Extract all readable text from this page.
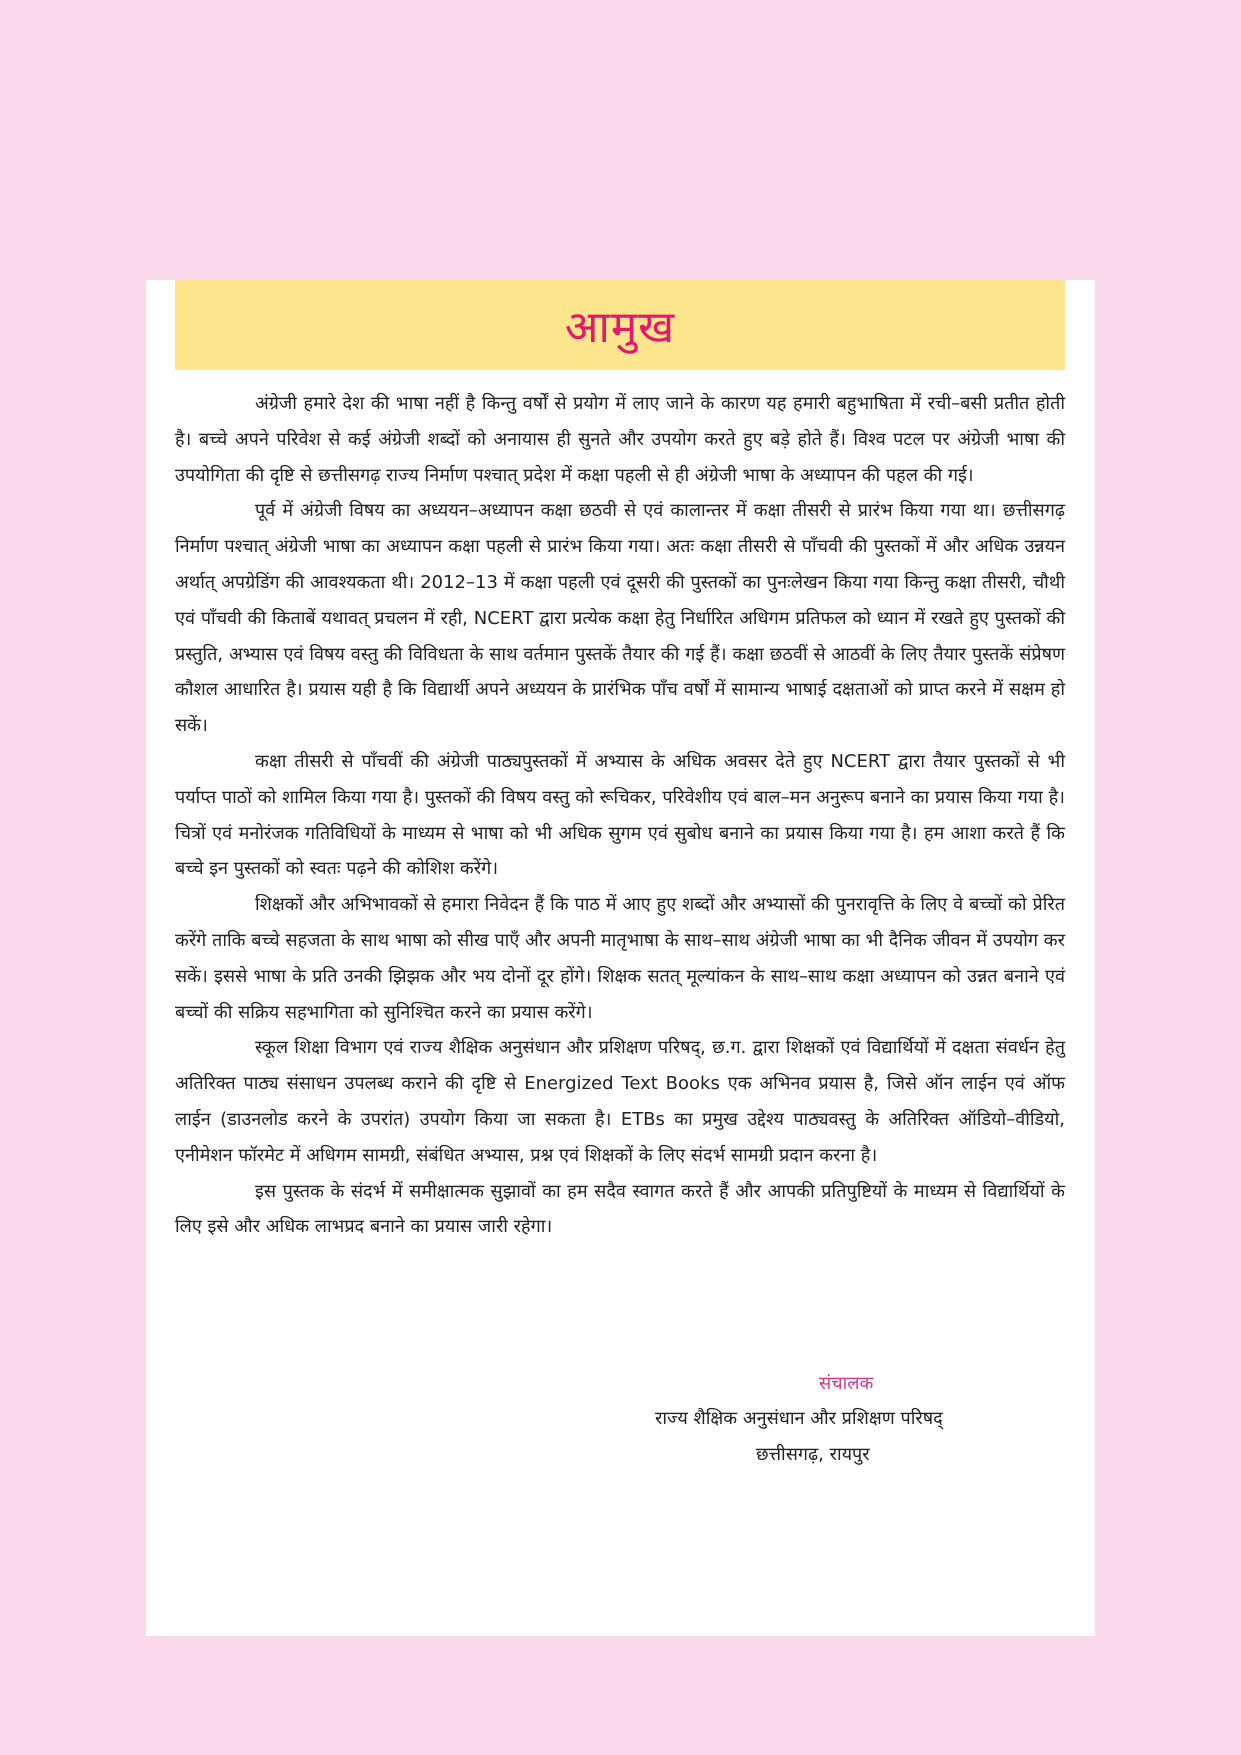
आमुख

अंग्रेजी हमारे देश की भाषा नहीं है किन्तु वर्षों से प्रयोग में लाए जाने के कारण यह हमारी बहुभाषिता में रची–बसी प्रतीत होती है। बच्चे अपने परिवेश से कई अंग्रेजी शब्दों को अनायास ही सुनते और उपयोग करते हुए बड़े होते हैं। विश्व पटल पर अंग्रेजी भाषा की उपयोगिता की दृष्टि से छत्तीसगढ़ राज्य निर्माण पश्चात् प्रदेश में कक्षा पहली से ही अंग्रेजी भाषा के अध्यापन की पहल की गई।

पूर्व में अंग्रेजी विषय का अध्ययन–अध्यापन कक्षा छठवी से एवं कालान्तर में कक्षा तीसरी से प्रारंभ किया गया था। छत्तीसगढ़ निर्माण पश्चात् अंग्रेजी भाषा का अध्यापन कक्षा पहली से प्रारंभ किया गया। अतः कक्षा तीसरी से पाँचवी की पुस्तकों में और अधिक उन्नयन अर्थात् अपग्रेडिंग की आवश्यकता थी। 2012–13 में कक्षा पहली एवं दूसरी की पुस्तकों का पुनःलेखन किया गया किन्तु कक्षा तीसरी, चौथी एवं पाँचवी की किताबें यथावत् प्रचलन में रही, NCERT द्वारा प्रत्येक कक्षा हेतु निर्धारित अधिगम प्रतिफल को ध्यान में रखते हुए पुस्तकों की प्रस्तुति, अभ्यास एवं विषय वस्तु की विविधता के साथ वर्तमान पुस्तकें तैयार की गई हैं। कक्षा छठवीं से आठवीं के लिए तैयार पुस्तकें संप्रेषण कौशल आधारित है। प्रयास यही है कि विद्यार्थी अपने अध्ययन के प्रारंभिक पाँच वर्षों में सामान्य भाषाई दक्षताओं को प्राप्त करने में सक्षम हो सकें।

कक्षा तीसरी से पाँचवीं की अंग्रेजी पाठ्यपुस्तकों में अभ्यास के अधिक अवसर देते हुए NCERT द्वारा तैयार पुस्तकों से भी पर्याप्त पाठों को शामिल किया गया है। पुस्तकों की विषय वस्तु को रूचिकर, परिवेशीय एवं बाल–मन अनुरूप बनाने का प्रयास किया गया है। चित्रों एवं मनोरंजक गतिविधियों के माध्यम से भाषा को भी अधिक सुगम एवं सुबोध बनाने का प्रयास किया गया है। हम आशा करते हैं कि बच्चे इन पुस्तकों को स्वतः पढ़ने की कोशिश करेंगे।

शिक्षकों और अभिभावकों से हमारा निवेदन हैं कि पाठ में आए हुए शब्दों और अभ्यासों की पुनरावृत्ति के लिए वे बच्चों को प्रेरित करेंगे ताकि बच्चे सहजता के साथ भाषा को सीख पाएँ और अपनी मातृभाषा के साथ–साथ अंग्रेजी भाषा का भी दैनिक जीवन में उपयोग कर सकें। इससे भाषा के प्रति उनकी झिझक और भय दोनों दूर होंगे। शिक्षक सतत् मूल्यांकन के साथ–साथ कक्षा अध्यापन को उन्नत बनाने एवं बच्चों की सक्रिय सहभागिता को सुनिश्चित करने का प्रयास करेंगे।

स्कूल शिक्षा विभाग एवं राज्य शैक्षिक अनुसंधान और प्रशिक्षण परिषद्, छ.ग. द्वारा शिक्षकों एवं विद्यार्थियों में दक्षता संवर्धन हेतु अतिरिक्त पाठ्य संसाधन उपलब्ध कराने की दृष्टि से Energized Text Books एक अभिनव प्रयास है, जिसे ऑन लाईन एवं ऑफ लाईन (डाउनलोड करने के उपरांत) उपयोग किया जा सकता है। ETBs का प्रमुख उद्देश्य पाठ्यवस्तु के अतिरिक्त ऑडियो–वीडियो, एनीमेशन फॉरमेट में अधिगम सामग्री, संबंधित अभ्यास, प्रश्न एवं शिक्षकों के लिए संदर्भ सामग्री प्रदान करना है।

इस पुस्तक के संदर्भ में समीक्षात्मक सुझावों का हम सदैव स्वागत करते हैं और आपकी प्रतिपुष्टियों के माध्यम से विद्यार्थियों के लिए इसे और अधिक लाभप्रद बनाने का प्रयास जारी रहेगा।

संचालक
राज्य शैक्षिक अनुसंधान और प्रशिक्षण परिषद्
छत्तीसगढ़, रायपुर
